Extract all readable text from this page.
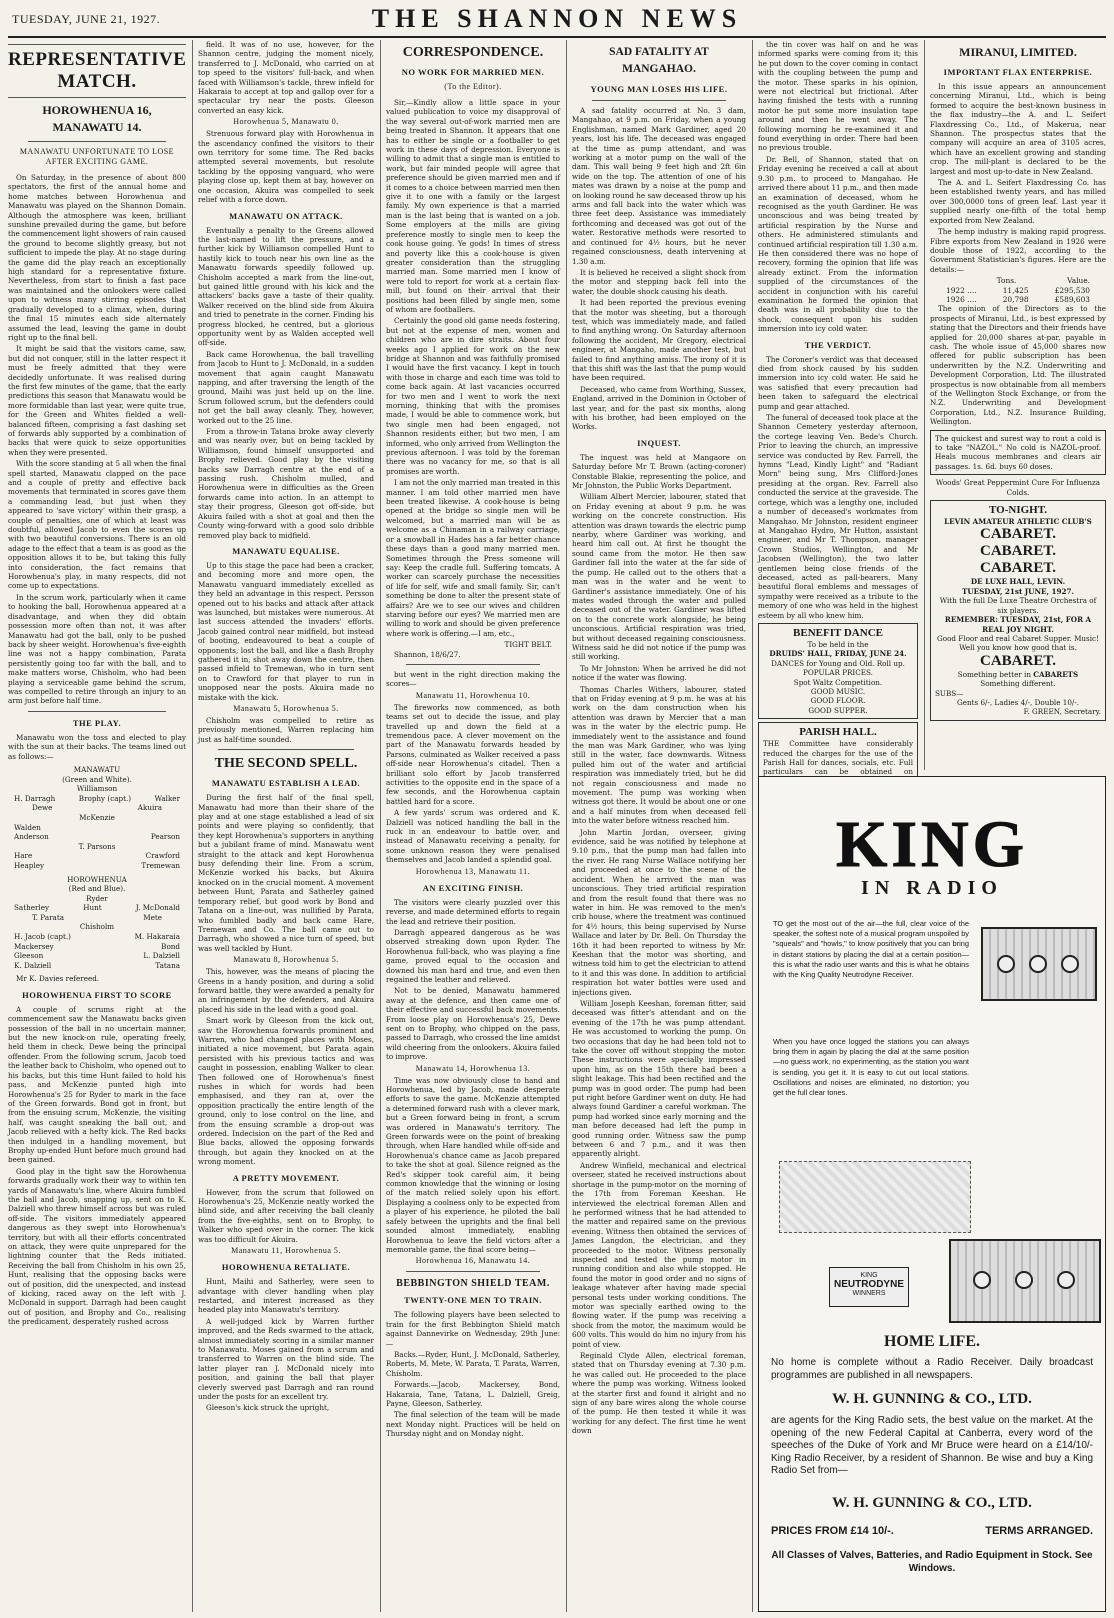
TUESDAY, JUNE 21, 1927.	THE SHANNON NEWS
REPRESENTATIVE MATCH.
HOROWHENUA 16, MANAWATU 14.
MANAWATU UNFORTUNATE TO LOSE AFTER EXCITING GAME.

On Saturday, in the presence of about 800 spectators, the first of the annual home and home matches between Horowhenua and Manawatu was played on the Shannon Domain. Although the atmosphere was keen, brilliant sunshine prevailed during the game, but before the commencement light showers of rain caused the ground to become slightly greasy, but not sufficient to impede the play. At no stage during the game did the play reach an exceptionally high standard for a representative fixture. Nevertheless, from start to finish a fast pace was maintained and the onlookers were called upon to witness many stirring episodes that gradually developed to a climax, when, during the final 15 minutes each side alternately assumed the lead, leaving the game in doubt right up to the final bell.

It might be said that the visitors came, saw, but did not conquer, still in the latter respect it must be freely admitted that they were decidedly unfortunate. It was realised during the first few minutes of the game, that the early predictions this season that Manawatu would be more formidable than last year, were quite true, for the Green and Whites fielded a well-balanced fifteen, comprising a fast dashing set of forwards ably supported by a combination of backs that were quick to seize opportunities when they were presented.

With the score standing at 5 all when the final spell started, Manawatu clapped on the pace and a couple of pretty and effective back movements that terminated in scores gave them a commanding lead, but just when they appeared to 'save victory' within their grasp, a couple of penalties, one of which at least was doubtful, allowed Jacob to even the scores up with two beautiful conversions. There is an old adage to the effect that a team is as good as the opposition allows it to be, but taking this fully into consideration, the fact remains that Horowhenua's play, in many respects, did not come up to expectations.

In the scrum work, particularly when it came to hooking the ball, Horowhenua appeared at a disadvantage, and when they did obtain possession more often than not, it was after Manawatu had got the ball, only to be pushed back by sheer weight. Horowhenua's five-eighth line was not a happy combination, Parata persistently going too far with the ball, and to make matters worse, Chisholm, who had been playing a serviceable game behind the scrum, was compelled to retire through an injury to an arm just before half time.

THE PLAY.

Manawatu won the toss and elected to play with the sun at their backs. The teams lined out as follows:—

MANAWATU
(Green and White).
Williamson
H. Darragh	Brophy (capt.)	Walker
Dewe	Akuira
McKenzie
Walden
Anderson	Pearson
T. Parsons
Hare	Crawford
Heapley	Tremewan
HOROWHENUA
(Red and Blue).
Ryder
Satherley	Hunt	J. McDonald
T. Parata	Mete
Chisholm
H. Jacob (capt.)	M. Hakaraia
Mackersey	Bond
Gleeson	L. Dalziell
K. Dalziell	Tatana

Mr K. Davies refereed.

HOROWHENUA FIRST TO SCORE

A couple of scrums right at the commencement saw the Manawatu backs given possession of the ball in no uncertain manner, but the new knock-on rule, operating freely, held them in check, Dewe being the principal offender. From the following scrum, Jacob toed the leather back to Chisholm, who opened out to his backs, but this time Hunt failed to hold his pass, and McKenzie punted high into Horowhenua's 25 for Ryder to mark in the face of the Green forwards. Bond got in front, but from the ensuing scrum, McKenzie, the visiting half, was caught sneaking the ball out, and Jacob relieved with a hefty kick. The Red backs then indulged in a handling movement, but Brophy up-ended Hunt before much ground had been gained.

Good play in the tight saw the Horowhenua forwards gradually work their way to within ten yards of Manawatu's line, where Akuira fumbled the ball and Jacob, snapping up, sent on to K. Dalziell who threw himself across but was ruled off-side. The visitors immediately appeared dangerous as they swept into Horowhenua's territory, but with all their efforts concentrated on attack, they were quite unprepared for the lightning counter that the Reds initiated. Receiving the ball from Chisholm in his own 25, Hunt, realising that the opposing backs were out of position, did the unexpected, and instead of kicking, raced away on the left with J. McDonald in support. Darragh had been caught out of position, and Brophy and Co., realising the predicament, desperately rushed across

field. It was of no use, however, for the Shannon centre, judging the moment nicely, transferred to J. McDonald, who carried on at top speed to the visitors' full-back, and when faced with Williamson's tackle, threw infield for Hakaraia to accept at top and gallop over for a spectacular try near the posts. Gleeson converted an easy kick.

Horowhenua 5, Manawatu 0.

Strenuous forward play with Horowhenua in the ascendancy confined the visitors to their own territory for some time. The Red backs attempted several movements, but resolute tackling by the opposing vanguard, who were playing close up, kept them at bay, however on one occasion, Akuira was compelled to seek relief with a force down.

MANAWATU ON ATTACK.

Eventually a penalty to the Greens allowed the last-named to lift the pressure, and a further kick by Williamson compelled Hunt to hastily kick to touch near his own line as the Manawatu forwards speedily followed up. Chisholm accepted a mark from the line-out, but gained little ground with his kick and the attackers' backs gave a taste of their quality. Walker received on the blind side from Akuira and tried to penetrate in the corner. Finding his progress blocked, he centred, but a glorious opportunity went by as Walden accepted well off-side.

Back came Horowhenua, the ball travelling from Jacob to Hunt to J. McDonald, in a sudden movement that again caught Manawatu napping, and after traversing the length of the ground, Maihi was just held up on the line. Scrum followed scrum, but the defenders could not get the ball away cleanly. They, however, worked out to the 25 line.

From a throw-in Tatana broke away cleverly and was nearly over, but on being tackled by Williamson, found himself unsupported and Brophy relieved. Good play by the visiting backs saw Darragh centre at the end of a passing rush. Chisholm mulled, and Horowhenua were in difficulties as the Green forwards came into action. In an attempt to stay their progress, Gleeson got off-side, but Akuira failed with a shot at goal and then the County wing-forward with a good solo dribble removed play back to midfield.

MANAWATU EQUALISE.

Up to this stage the pace had been a cracker, and becoming more and more open, the Manawatu vanguard immediately excelled as they held an advantage in this respect. Persson opened out to his backs and attack after attack was launched, but mistakes were numerous. At last success attended the invaders' efforts. Jacob gained control near midfield, but instead of booting, endeavoured to beat a couple of opponents, lost the ball, and like a flash Brophy gathered it in, shot away down the centre, then passed infield to Tremewan, who in turn sent on to Crawford for that player to run in unopposed near the posts. Akuira made no mistake with the kick.

Manawatu 5, Horowhenua 5.

Chisholm was compelled to retire as previously mentioned, Warren replacing him just as half-time sounded.

THE SECOND SPELL.
MANAWATU ESTABLISH A LEAD.

During the first half of the final spell, Manawatu had more than their share of the play and at one stage established a lead of six points and were playing so confidently, that they kept Horowhenua's supporters in anything but a jubilant frame of mind. Manawatu went straight to the attack and kept Horowhenua busy defending their line. From a scrum, McKenzie worked his backs, but Akuira knocked on in the crucial moment. A movement between Hunt, Parata and Satherley gained temporary relief, but good work by Bond and Tatana on a line-out, was nullified by Parata, who fumbled badly and back came Hare, Tremewan and Co. The ball came out to Darragh, who showed a nice turn of speed, but was well tackled by Hunt.

Manawatu 8, Horowhenua 5.

This, however, was the means of placing the Greens in a handy position, and during a solid forward battle, they were awarded a penalty for an infringement by the defenders, and Akuira placed his side in the lead with a good goal.

Smart work by Gleeson from the kick out, saw the Horowhenua forwards prominent and Warren, who had changed places with Moses, initiated a nice movement, but Parata again persisted with his previous tactics and was caught in possession, enabling Walker to clear. Then followed one of Horowhenua's finest rushes in which for words had been emphasised, and they ran at, over the opposition practically the entire length of the ground, only to lose control on the line, and from the ensuing scramble a drop-out was ordered. Indecision on the part of the Red and Blue backs, allowed the opposing forwards through, but again they knocked on at the wrong moment.

A PRETTY MOVEMENT.

However, from the scrum that followed on Horowhenua's 25, McKenzie neatly worked the blind side, and after receiving the ball cleanly from the five-eighths, sent on to Brophy, to Walker who sped over in the corner. The kick was too difficult for Akuira.

Manawatu 11, Horowhenua 5.
HOROWHENUA RETALIATE.

Hunt, Maihi and Satherley, were seen to advantage with clever handling when play restarted, and interest increased as they headed play into Manawatu's territory.

A well-judged kick by Warren further improved, and the Reds swarmed to the attack, almost immediately scoring in a similar manner to Manawatu. Moses gained from a scrum and transferred to Warren on the blind side. The latter player ran J. McDonald nicely into position, and gaining the ball that player cleverly swerved past Darragh and ran round under the posts for an excellent try.

Gleeson's kick struck the upright,

CORRESPONDENCE.
NO WORK FOR MARRIED MEN.
(To the Editor).

Sir,—Kindly allow a little space in your valued publication to voice my disapproval of the way several out-of-work married men are being treated in Shannon. It appears that one has to either be single or a footballer to get work in these days of depression. Everyone is willing to admit that a single man is entitled to work, but fair minded people will agree that preference should be given married men and if it comes to a choice between married men then give it to one with a family or the largest family. My own experience is that a married man is the last being that is wanted on a job. Some employers at the mills are giving preference mostly to single men to keep the cook house going. Ye gods! In times of stress and poverty like this a cook-house is given greater consideration than the struggling married man. Some married men I know of were told to report for work at a certain flax-mill, but found on their arrival that their positions had been filled by single men, some of whom are footballers.

Certainly the good old game needs fostering, but not at the expense of men, women and children who are in dire straits. About four weeks ago I applied for work on the new bridge at Shannon and was faithfully promised I would have the first vacancy. I kept in touch with those in charge and each time was told to come back again. At last vacancies occurred for two men and I went to work the next morning, thinking that with the promises made, I would be able to commence work, but two single men had been engaged, not Shannon residents either, but two men, I am informed, who only arrived from Wellington the previous afternoon. I was told by the foreman there was no vacancy for me, so that is all promises are worth.

I am not the only married man treated in this manner. I am told other married men have been treated likewise. A cook-house is being opened at the bridge so single men will be welcomed, but a married man will be as welcome as a Chinaman in a railway carriage, or a snowball in Hades has a far better chance these days than a good many married men. Sometimes through the Press someone will say: Keep the cradle full. Suffering tomcats. A worker can scarcely purchase the necessities of life for self, wife and small family. Sir, can't something be done to alter the present state of affairs? Are we to see our wives and children starving before our eyes? We married men are willing to work and should be given preference where work is offering.—I am, etc.,

TIGHT BELT.
Shannon, 18/6/27.

but went in the right direction making the scores—

Manawatu 11, Horowhenua 10.

The fireworks now commenced, as both teams set out to decide the issue, and play travelled up and down the field at a tremendous pace. A clever movement on the part of the Manawatu forwards headed by Parsons, culminated as Walker received a pass off-side near Horowhenua's citadel. Then a brilliant solo effort by Jacob transferred activities to the opposite end in the space of a few seconds, and the Horowhenua captain battled hard for a score.

A few yards' scrum was ordered and K. Dalziell was noticed handling the ball in the ruck in an endeavour to battle over, and instead of Manawatu receiving a penalty, for some unknown reason they were penalised themselves and Jacob landed a splendid goal.

Horowhenua 13, Manawatu 11.
AN EXCITING FINISH.

The visitors were clearly puzzled over this reverse, and made determined efforts to regain the lead and retrieve their position.

Darragh appeared dangerous as he was observed streaking down upon Ryder. The Horowhenua full-back, who was playing a fine game, proved equal to the occasion and downed his man hard and true, and even then regained the leather and relieved.

Not to be denied, Manawatu hammered away at the defence, and then came one of their effective and successful back movements. From loose play on Horowhenua's 25, Dewe sent on to Brophy, who chipped on the pass, passed to Darragh, who crossed the line amidst wild cheering from the onlookers. Akuira failed to improve.

Manawatu 14, Horowhenua 13.

Time was now obviously close to hand and Horowhenua, led by Jacob, made desperate efforts to save the game. McKenzie attempted a determined forward rush with a clever mark, but a Green forward being in front, a scrum was ordered in Manawatu's territory. The Green forwards were on the point of breaking through, when Hare handled while off-side and Horowhenua's chance came as Jacob prepared to take the shot at goal. Silence reigned as the Red's skipper took careful aim, it being common knowledge that the winning or losing of the match relied solely upon his effort. Displaying a coolness only to be expected from a player of his experience, he piloted the ball safely between the uprights and the final bell sounded almost immediately, enabling Horowhenua to leave the field victors after a memorable game, the final score being—

Horowhenua 16, Manawatu 14.
BEBBINGTON SHIELD TEAM.
TWENTY-ONE MEN TO TRAIN.

The following players have been selected to train for the first Bebbington Shield match against Dannevirke on Wednesday, 29th June:—

Backs.—Ryder, Hunt, J. McDonald, Satherley, Roberts, M. Mete, W. Parata, T. Parata, Warren, Chisholm.

Forwards.—Jacob, Mackersey, Bond, Hakaraia, Tane, Tatana, L. Dalziell, Greig, Payne, Gleeson, Satherley.

The final selection of the team will be made next Monday night. Practices will be held on Thursday night and on Monday night.

SAD FATALITY AT MANGAHAO.
YOUNG MAN LOSES HIS LIFE.

A sad fatality occurred at No. 3 dam, Mangahao, at 9 p.m. on Friday, when a young Englishman, named Mark Gardiner, aged 20 years, lost his life. The deceased was engaged at the time as pump attendant, and was working at a motor pump on the wall of the dam. This wall being 9 feet high and 2ft 6in wide on the top. The attention of one of his mates was drawn by a noise at the pump and on looking round he saw deceased throw up his arms and fall back into the water which was three feet deep. Assistance was immediately forthcoming and deceased was got out of the water. Restorative methods were resorted to and continued for 4½ hours, but he never regained consciousness, death intervening at 1.30 a.m.

It is believed he received a slight shock from the motor and stepping back fell into the water, the double shock causing his death.

It had been reported the previous evening that the motor was sheeting, but a thorough test, which was immediately made, and failed to find anything wrong. On Saturday afternoon following the accident, Mr Gregory, electrical engineer, at Mangaho, made another test, but failed to find anything amiss. The irony of it is that this shift was the last that the pump would have been required.

Deceased, who came from Worthing, Sussex, England, arrived in the Dominion in October of last year, and for the past six months, along with his brother, had been employed on the Works.

INQUEST.

The inquest was held at Mangaore on Saturday before Mr T. Brown (acting-coroner) Constable Blakie, representing the police, and Mr Johnston, the Public Works Department.

William Albert Mercier, labourer, stated that on Friday evening at about 9 p.m. he was working on the concrete construction. His attention was drawn towards the electric pump nearby, where Gardiner was working, and heard him call out. At first he thought the sound came from the motor. He then saw Gardiner fall into the water at the far side of the pump. He called out to the others that a man was in the water and he went to Gardiner's assistance immediately. One of his mates waded through the water and pulled deceased out of the water. Gardiner was lifted on to the concrete work alongside, he being unconscious. Artificial respiration was tried, but without deceased regaining consciousness. Witness said he did not notice if the pump was still working.

To Mr Johnston: When he arrived he did not notice if the water was flowing.

Thomas Charles Withers, labourer, stated that on Friday evening at 9 p.m. he was at his work on the dam construction when his attention was drawn by Mercier that a man was in the water by the electric pump. He immediately went to the assistance and found the man was Mark Gardiner, who was lying still in the water, face downwards. Witness pulled him out of the water and artificial respiration was immediately tried, but he did not regain consciousness and made no movement. The pump was working when witness got there. It would be about one or one and a half minutes from when deceased fell into the water before witness reached him.

John Martin Jordan, overseer, giving evidence, said he was notified by telephone at 9.10 p.m., that the pump man had fallen into the river. He rang Nurse Wallace notifying her and proceeded at once to the scene of the accident. When he arrived the man was unconscious. They tried artificial respiration and from the result found that there was no water in him. He was removed to the men's crib house, where the treatment was continued for 4½ hours, this being supervised by Nurse Wallace and later by Dr. Bell. On Thursday the 16th it had been reported to witness by Mr. Keeshan that the motor was shorting, and witness told him to get the electrician to attend to it and this was done. In addition to artificial respiration hot water bottles were used and injections given.

William Joseph Keeshan, foreman fitter, said deceased was fitter's attendant and on the evening of the 17th he was pump attendant. He was accustomed to working the pump. On two occasions that day he had been told not to take the cover off without stopping the motor. These instructions were specially impressed upon him, as on the 15th there had been a slight leakage. This had been rectified and the pump was in good order. The pump had been put right before Gardiner went on duty. He had always found Gardiner a careful workman. The pump had worked since early morning and the man before deceased had left the pump in good running order. Witness saw the pump between 6 and 7 p.m., and it was then apparently alright.

Andrew Winfield, mechanical and electrical overseer, stated he received instructions about shortage in the pump-motor on the morning of the 17th from Foreman Keeshan. He interviewed the electrical foreman Allen and he performed witness that he had attended to the matter and repaired same on the previous evening. Witness then obtained the services of James Langdon, the electrician, and they proceeded to the motor. Witness personally inspected and tested the pump motor in running condition and also while stopped. He found the motor in good order and no signs of leakage whatever after having made special personal tests under working conditions. The motor was specially earthed owing to the flowing water. If the pump was receiving a shock from the motor, the maximum would be 600 volts. This would do him no injury from his point of view.

Reginald Clyde Allen, electrical foreman, stated that on Thursday evening at 7.30 p.m. he was called out. He proceeded to the place where the pump was working. Witness looked at the starter first and found it alright and no sign of any bare wires along the whole course of the pump. He then tested it while it was working for any defect. The first time he went down

the tin cover was half on and he was informed sparks were coming from it; this he put down to the cover coming in contact with the coupling between the pump and the motor. These sparks in his opinion, were not electrical but frictional. After having finished the tests with a running motor he put some more insulation tape around and then he went away. The following morning he re-examined it and found everything in order. There had been no previous trouble.

Dr. Bell, of Shannon, stated that on Friday evening he received a call at about 9.30 p.m. to proceed to Mangahao. He arrived there about 11 p.m., and then made an examination of deceased, whom he recognised as the youth Gardiner. He was unconscious and was being treated by artificial respiration by the Nurse and others. He administered stimulants and continued artificial respiration till 1.30 a.m. He then considered there was no hope of recovery, forming the opinion that life was already extinct. From the information supplied of the circumstances of the accident in conjunction with his careful examination he formed the opinion that death was in all probability due to the shock, consequent upon his sudden immersion into icy cold water.

THE VERDICT.

The Coroner's verdict was that deceased died from shock caused by his sudden immersion into icy cold water. He said he was satisfied that every precaution had been taken to safeguard the electrical pump and gear attached.

The funeral of deceased took place at the Shannon Cemetery yesterday afternoon, the cortege leaving Ven. Bede's Church. Prior to leaving the church, an impressive service was conducted by Rev. Farrell, the hymns "Lead, Kindly Light" and "Radiant Morn" being sung, Mrs Clifford-Jones presiding at the organ. Rev. Farrell also conducted the service at the graveside. The cortege, which was a lengthy one, included a number of deceased's workmates from Mangahao. Mr Johnston, resident engineer at Mangahao Hydro, Mr Hutton, assistant engineer, and Mr T. Thompson, manager Crown Studios, Wellington, and Mr Jacobsen (Wellington), the two latter gentlemen being close friends of the deceased, acted as pall-bearers. Many beautiful floral emblems and messages of sympathy were received as a tribute to the memory of one who was held in the highest esteem by all who knew him.

BENEFIT DANCE
To be held in the
DRUIDS' HALL, FRIDAY, JUNE 24.
DANCES for Young and Old. Roll up.
POPULAR PRICES.
Spot Waltz Competition.
GOOD MUSIC.
GOOD FLOOR.
GOOD SUPPER.
PARISH HALL.
THE Committee have considerably reduced the charges for the use of the Parish Hall for dances, socials, etc. Full particulars can be obtained on
MIRANUI, LIMITED.
IMPORTANT FLAX ENTERPRISE.

In this issue appears an announcement concerning Miranui, Ltd., which is being formed to acquire the best-known business in the flax industry—the A. and L. Seifert Flaxdressing Co., Ltd., of Makerua, near Shannon. The prospectus states that the company will acquire an area of 3105 acres, which have an excellent growing and standing crop. The mill-plant is declared to be the largest and most up-to-date in New Zealand.

The A. and L. Seifert Flaxdressing Co. has been established twenty years, and has milled over 300,0000 tons of green leaf. Last year it supplied nearly one-fifth of the total hemp exported from New Zealand.

The hemp industry is making rapid progress. Fibre exports from New Zealand in 1926 were double those of 1922, according to the Government Statistician's figures. Here are the details:—

Tons.	Value.
1922 ....	11,425	£295,530
1926 ....	20,798	£589,603

The opinion of the Directors as to the prospects of Miranui, Ltd., is best expressed by stating that the Directors and their friends have applied for 20,000 shares at-par, payable in cash. The whole issue of 45,000 shares now offered for public subscription has been underwritten by the N.Z. Underwriting and Development Corporation, Ltd. The illustrated prospectus is now obtainable from all members of the Wellington Stock Exchange, or from the N.Z. Underwriting and Development Corporation, Ltd., N.Z. Insurance Building, Wellington.

The quickest and surest way to rout a cold is to take "NAZOL." No cold is NAZOL-proof. Heals mucous membranes and clears air passages. 1s. 6d. buys 60 doses.
Woods' Great Peppermint Cure For Influenza Colds.
TO-NIGHT.
LEVIN AMATEUR ATHLETIC CLUB'S
CABARET.
CABARET.
CABARET.
DE LUXE HALL, LEVIN.
TUESDAY, 21st JUNE, 1927.
With the full De Luxe Theatre Orchestra of six players.
REMEMBER: TUESDAY, 21st, FOR A REAL JOY NIGHT.
Good Floor and real Cabaret Supper. Music! Well you know how good that is.
CABARET.
Something better in CABARETS
Something different.
SUBS—
Gents 6/-, Ladies 4/-, Double 10/-.
F. GREEN, Secretary.
KING
IN RADIO
TO get the most out of the air—the full, clear voice of the speaker, the softest note of a musical program unspoiled by "squeals" and "howls," to know positively that you can bring in distant stations by placing the dial at a certain position—this is what the radio user wants and this is what he obtains with the King Quality Neutrodyne Receiver.
When you have once logged the stations you can always bring them in again by placing the dial at the same position—no guess work, no experimenting, as the station you want is sending, you get it. It is easy to cut out local stations. Oscillations and noises are eliminated, no distortion; you get the full clear tones.
KING
NEUTRODYNE
WINNERS
HOME LIFE.
No home is complete without a Radio Receiver. Daily broadcast programmes are published in all newspapers.
W. H. GUNNING & CO., LTD.
are agents for the King Radio sets, the best value on the market. At the opening of the new Federal Capital at Canberra, every word of the speeches of the Duke of York and Mr Bruce were heard on a £14/10/- King Radio Receiver, by a resident of Shannon. Be wise and buy a King Radio Set from—
W. H. GUNNING & CO., LTD.
PRICES FROM £14 10/-.	TERMS ARRANGED.
All Classes of Valves, Batteries, and Radio Equipment in Stock. See Windows.
